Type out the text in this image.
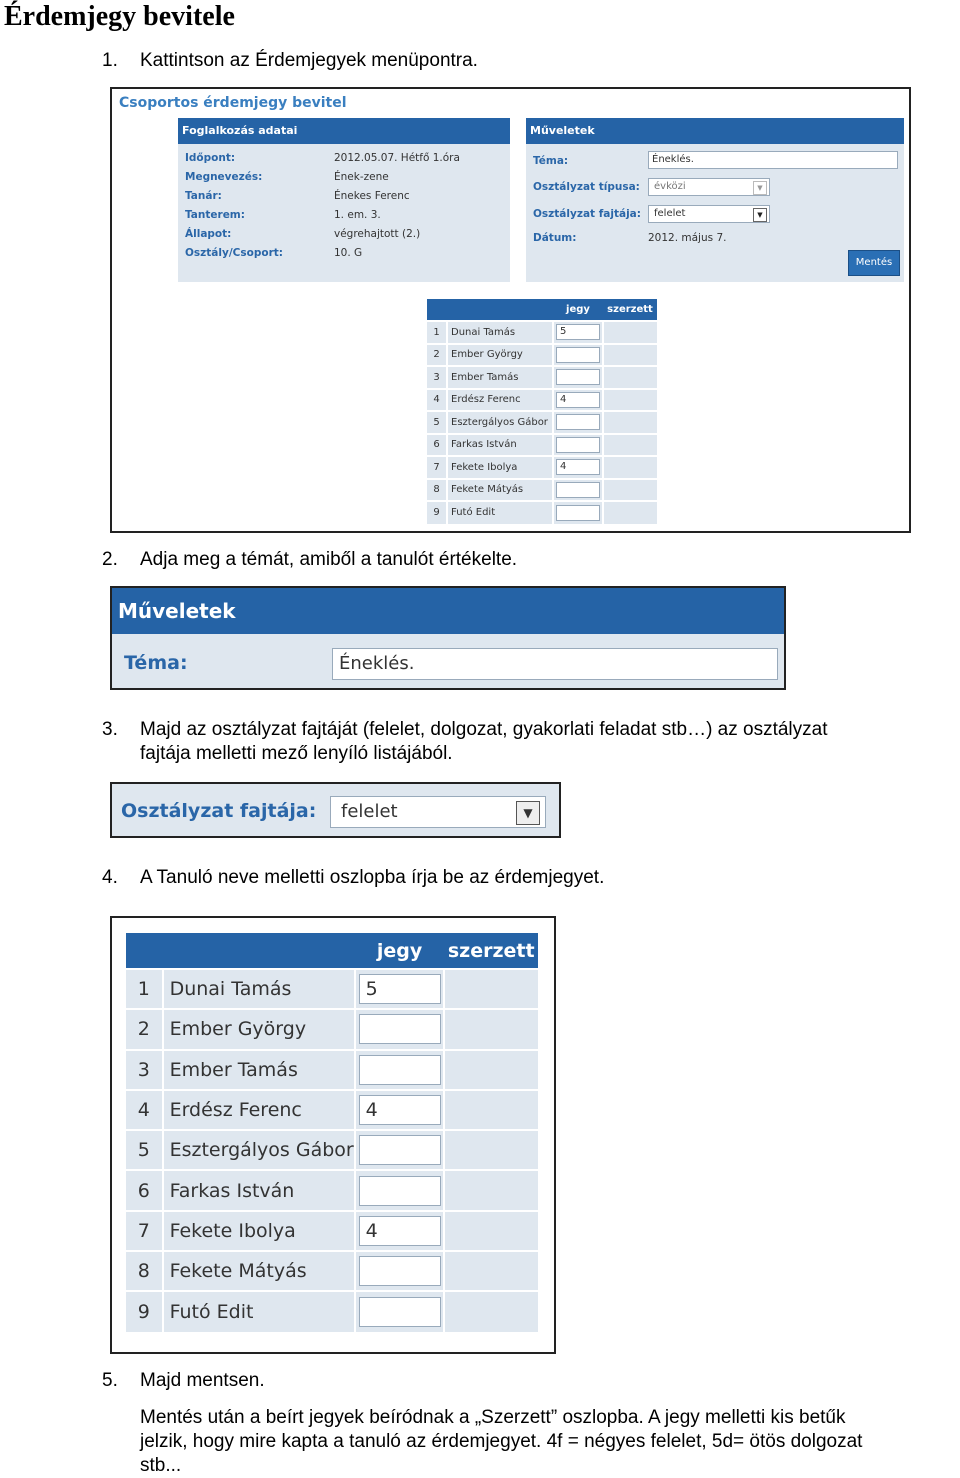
Érdemjegy bevitele
1. Kattintson az Érdemjegyek menüpontra.
Csoportos érdemjegy bevitel
Foglalkozás adatai
Időpont:	2012.05.07. Hétfő 1.óra
Megnevezés:	Ének-zene
Tanár:	Énekes Ferenc
Tanterem:	1. em. 3.
Állapot:	végrehajtott (2.)
Osztály/Csoport:	10. G
Műveletek
Téma:	Éneklés.
Osztályzat típusa:	évközi	▼
Osztályzat fajtája:	felelet	▼
Dátum:	2012. május 7.
Mentés
		jegy	szerzett
1	Dunai Tamás	5	

2	Ember György	

3	Ember Tamás	

4	Erdész Ferenc	4	

5	Esztergályos Gábor	

6	Farkas István	

7	Fekete Ibolya	4	

8	Fekete Mátyás	

9	Futó Edit	

2. Adja meg a témát, amiből a tanulót értékelte.
Műveletek
Téma:	Éneklés.
3. Majd az osztályzat fajtáját (felelet, dolgozat, gyakorlati feladat stb…) az osztályzat
fajtája melletti mező lenyíló listájából.
Osztályzat fajtája:	felelet	▼
4. A Tanuló neve melletti oszlopba írja be az érdemjegyet.
		jegy	szerzett
1	Dunai Tamás	5	

2	Ember György	

3	Ember Tamás	

4	Erdész Ferenc	4	

5	Esztergályos Gábor	

6	Farkas István	

7	Fekete Ibolya	4	

8	Fekete Mátyás	

9	Futó Edit	

5. Majd mentsen.
Mentés után a beírt jegyek beíródnak a „Szerzett” oszlopba. A jegy melletti kis betűk
jelzik, hogy mire kapta a tanuló az érdemjegyet. 4f = négyes felelet, 5d= ötös dolgozat
stb...
